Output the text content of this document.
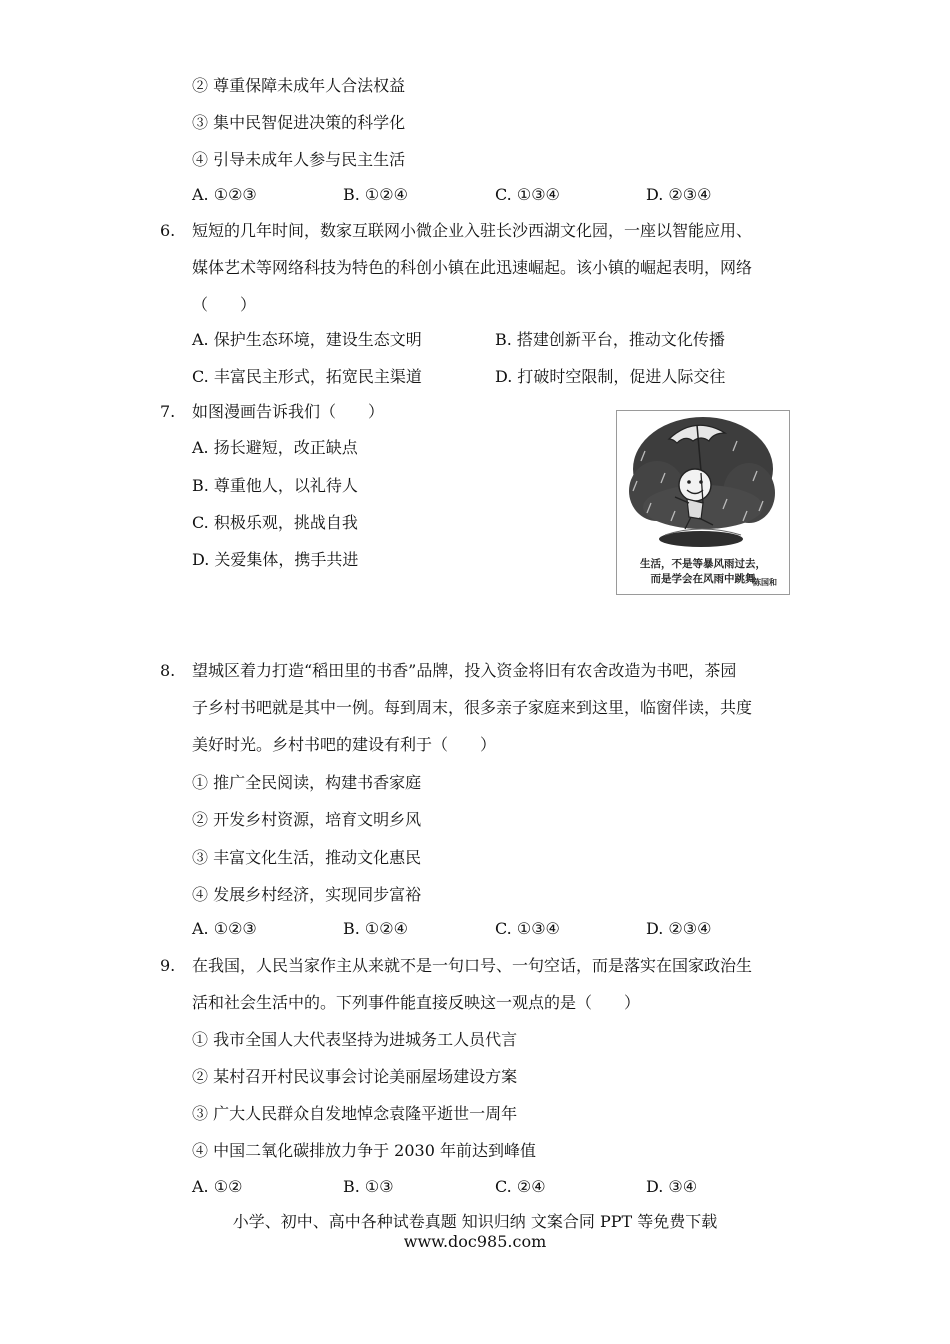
② 尊重保障未成年人合法权益
③ 集中民智促进决策的科学化
④ 引导未成年人参与民主生活
A. ①②③	B. ①②④	C. ①③④	D. ②③④
6. 短短的几年时间，数家互联网小微企业入驻长沙西湖文化园，一座以智能应用、
媒体艺术等网络科技为特色的科创小镇在此迅速崛起。该小镇的崛起表明，网络
（　　）
A. 保护生态环境，建设生态文明	B. 搭建创新平台，推动文化传播
C. 丰富民主形式，拓宽民主渠道	D. 打破时空限制，促进人际交往
7. 如图漫画告诉我们（　　）
A. 扬长避短，改正缺点
B. 尊重他人，以礼待人
C. 积极乐观，挑战自我
D. 关爱集体，携手共进	生活，不是等暴风雨过去，
而是学会在风雨中跳舞
陈国和
8. 望城区着力打造“稻田里的书香”品牌，投入资金将旧有农舍改造为书吧，茶园
子乡村书吧就是其中一例。每到周末，很多亲子家庭来到这里，临窗伴读，共度
美好时光。乡村书吧的建设有利于（　　）
① 推广全民阅读，构建书香家庭
② 开发乡村资源，培育文明乡风
③ 丰富文化生活，推动文化惠民
④ 发展乡村经济，实现同步富裕
A. ①②③	B. ①②④	C. ①③④	D. ②③④
9. 在我国，人民当家作主从来就不是一句口号、一句空话，而是落实在国家政治生
活和社会生活中的。下列事件能直接反映这一观点的是（　　）
① 我市全国人大代表坚持为进城务工人员代言
② 某村召开村民议事会讨论美丽屋场建设方案
③ 广大人民群众自发地悼念袁隆平逝世一周年
④ 中国二氧化碳排放力争于 2030 年前达到峰值
A. ①②	B. ①③	C. ②④	D. ③④
小学、初中、高中各种试卷真题 知识归纳 文案合同 PPT 等免费下载
www.doc985.com
